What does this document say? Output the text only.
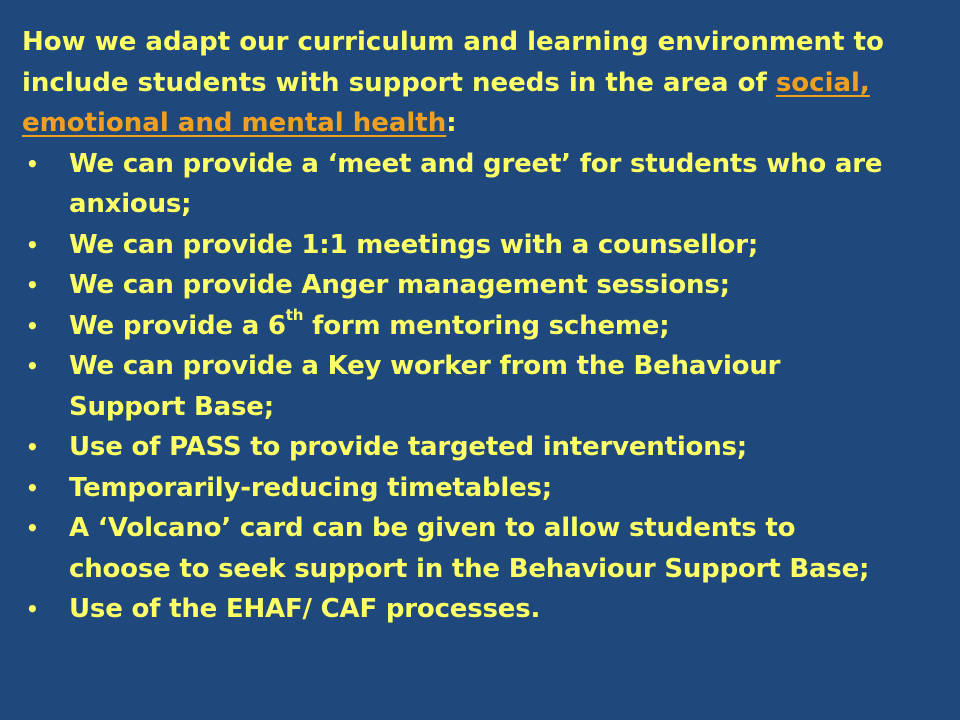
How we adapt our curriculum and learning environment to
include students with support needs in the area of social,
emotional and mental health:

• We can provide a ‘meet and greet’ for students who are
anxious;
• We can provide 1:1 meetings with a counsellor;
• We can provide Anger management sessions;
• We provide a 6th form mentoring scheme;
• We can provide a Key worker from the Behaviour
Support Base;
• Use of PASS to provide targeted interventions;
• Temporarily-reducing timetables;
• A ‘Volcano’ card can be given to allow students to
choose to seek support in the Behaviour Support Base;
• Use of the EHAF/ CAF processes.
